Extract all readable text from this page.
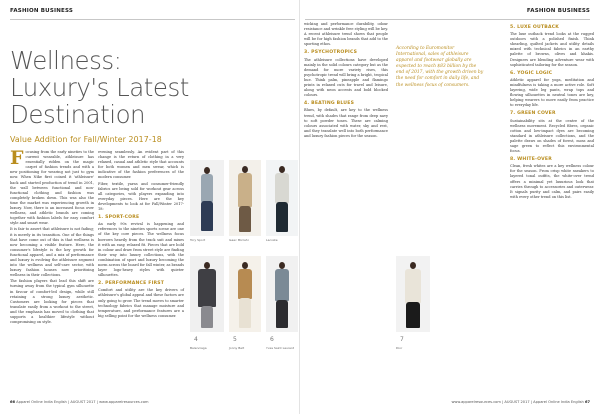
FASHION BUSINESS
Wellness: Luxury's Latest Destination
Value Addition for Fall/Winter 2017-18

Focusing from the early nineties to the current wearable, athleisure has essentially ridden on the magic carpet of fashion trends and with a new positioning for wearing not just to gym now. When Nike first coined it 'athleisure' back and started production of trend in 2001, the wall between functional and non-functional clothing and fashion was completely broken down. This was also the time the market was experiencing growth in luxury. Now, there is an increased focus over wellness, and athletic brands are coming together with fashion labels for easy comfort style and smart wear.

It is fair to assert that athleisure is not fading; it is merely in its transition. One of the things that have come out of this is that wellness is now becoming a visible feature. Here, the consumer's lifestyle is the key growth for functional apparel, and a mix of performance and luxury is evolving the athleisure segment into the wellness and self-care sector, with luxury fashion houses now prioritising wellness in their collections.

The fashion players that lead this shift are turning away from the typical gym silhouette in favour of comfort-led design, while still retaining a strong luxury aesthetic. Customers are looking for pieces that translate easily from a workout to the street, and the emphasis has moved to clothing that supports a healthier lifestyle without compromising on style.

evening seamlessly. An evident part of this change is the return of clothing in a very relaxed, casual and athletic style that accounts for both women and men swear, which is indicative of the fashion preferences of the modern consumer.

Fiber, textile, yarns and consumer-friendly fabrics are being sold for workout gear across all categories, with players expanding into everyday pieces. Here are the key developments to look at for Fall/Winter 2017-18:

1. SPORT-CORE

An early 90s revival is happening and references to the nineties sports scene are one of the key core pieces. The wellness focus borrows heavily from the track suit and mixes it with an easy, relaxed fit. Pieces that are bold in colour and draw from street style are finding their way into luxury collections, with the combination of sport and luxury becoming the norm across the board for fall winter, as brands layer logo-heavy styles with quieter silhouettes.

2. PERFORMANCE FIRST

Comfort and utility are the key drivers of athleisure's global appeal and these factors are only going to grow. The trend moves to smarter technology fabrics that manage moisture and temperature, and performance features are a big selling point for the wellness consumer.

Tory Sport	Isaac Mizrahi	Lacoste
4
Balenciaga
5
Jonny Belt
6
Yves Saint Laurent
66 Apparel Online India English | AUGUST 2017 | www.apparelresources.com
FASHION BUSINESS

wicking and performance durability, odour resistance and wrinkle free styling will be key. A recent athleisure trend shows that people will be for high fashion brands that add to the sporting ethos.

3. PSYCHOTROPICS

The athleisure collections have developed mainly in the solid colours category but as the demand for more variety rises, this psychotropic trend will bring a bright, tropical hue. Think palm, pineapple and flamingo prints in relaxed cuts for travel and leisure, along with neon accents and bold blocked colours.

4. BEATING BLUES

Blues, by default, are key to the wellness trend, with shades that range from deep navy to soft powder tones. These are calming colours associated with water, sky and rest, and they translate well into both performance and luxury fashion pieces for the season.

According to Euromonitor International, sales of athleisure apparel and footwear globally are expected to reach $83 billion by the end of 2017, with the growth driven by the need for comfort in daily life, and the wellness focus of consumers.
5. LUXE OUTBACK

The luxe outback trend looks at the rugged outdoors with a polished finish. Think shearling, quilted jackets and utility details mixed with technical fabrics in an earthy palette of browns, olives and khakis. Designers are blending adventure wear with sophisticated tailoring for the season.

6. YOGIC LOGIC

Athletic apparel for yoga, meditation and mindfulness is taking a more active role. Soft layering, wide leg pants, wrap tops and flowing silhouettes in neutral tones are key, helping wearers to move easily from practice to everyday life.

7. GREEN COVER

Sustainability sits at the centre of the wellness movement. Recycled fibres, organic cotton and low-impact dyes are becoming standard in athleisure collections, and the palette draws on shades of forest, moss and sage green to reflect this environmental focus.

8. WHITE-OVER

Clean, fresh whites are a key wellness colour for the season. From crisp white sneakers to layered tonal outfits, the white-over trend offers a minimal yet luxurious look that carries through to accessories and outerwear. It signals purity and calm, and pairs easily with every other trend on this list.

7
Dior
www.apparelresources.com | AUGUST 2017 | Apparel Online India English 67
